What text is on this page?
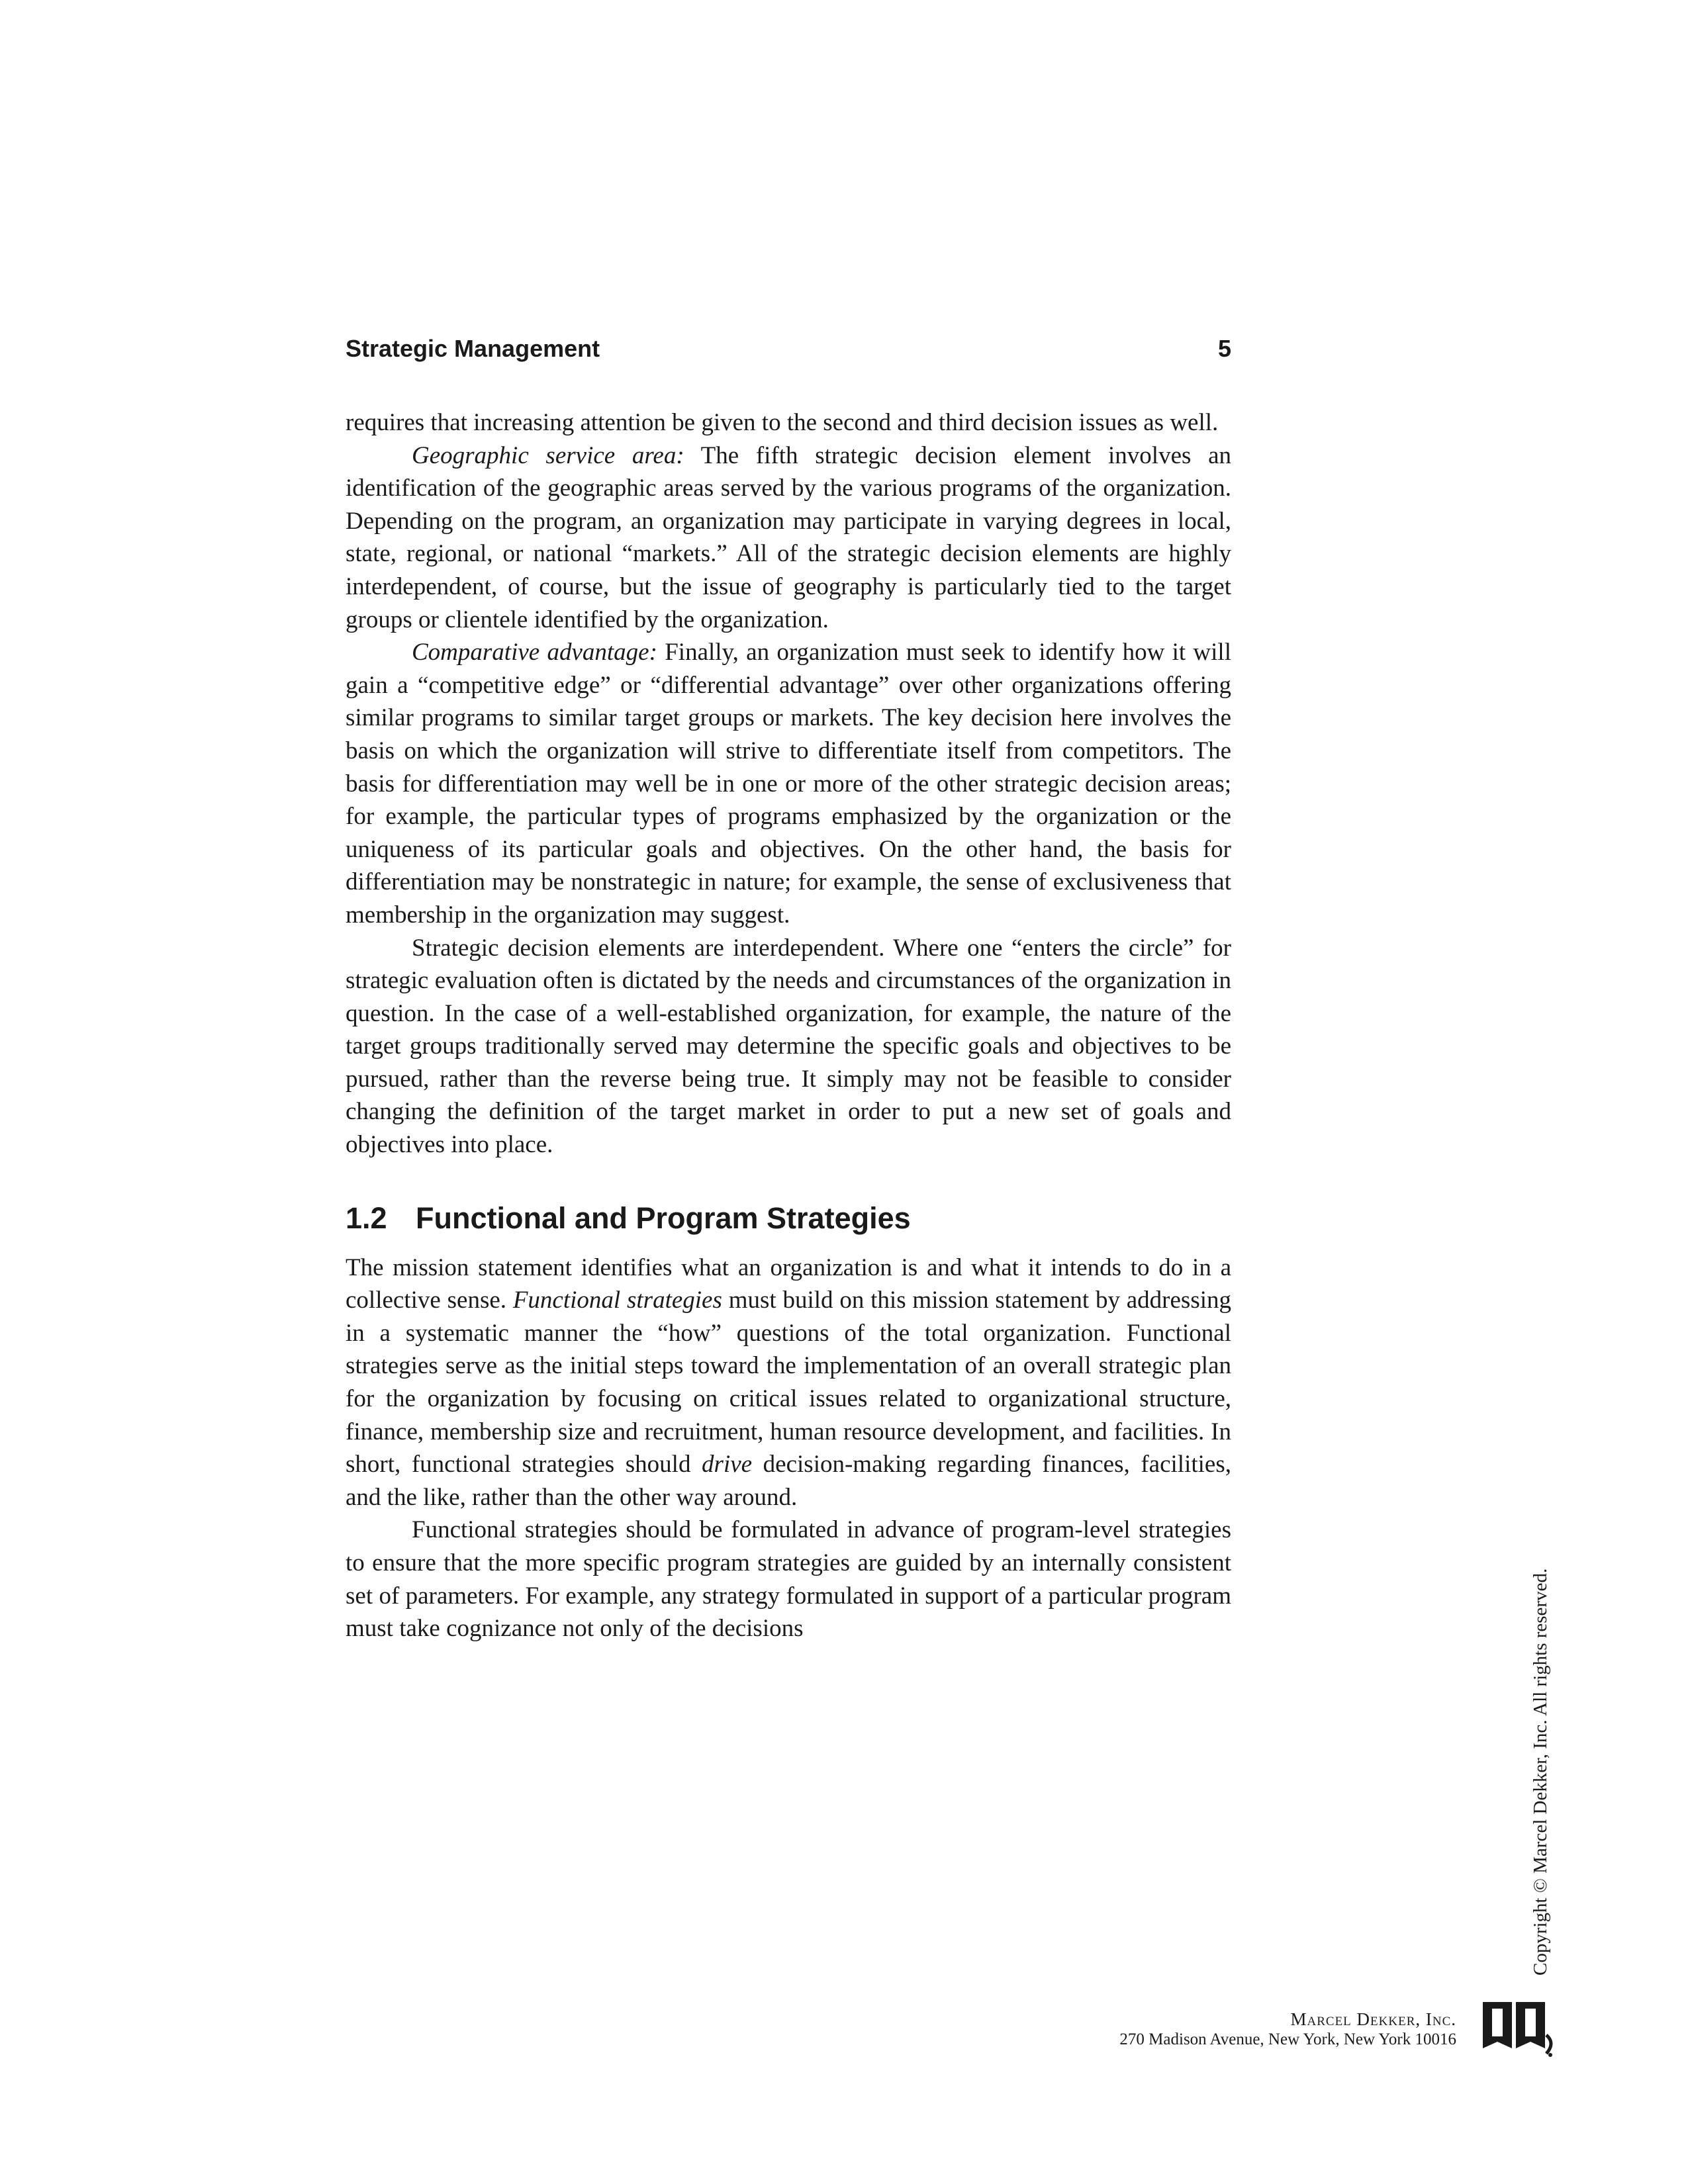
Strategic Management	5

requires that increasing attention be given to the second and third decision issues as well.

Geographic service area: The fifth strategic decision element involves an identification of the geographic areas served by the various programs of the organization. Depending on the program, an organization may participate in varying degrees in local, state, regional, or national “markets.” All of the strategic decision elements are highly interdependent, of course, but the issue of geography is particularly tied to the target groups or clientele identified by the organization.

Comparative advantage: Finally, an organization must seek to identify how it will gain a “competitive edge” or “differential advantage” over other organizations offering similar programs to similar target groups or markets. The key decision here involves the basis on which the organization will strive to differentiate itself from competitors. The basis for differentiation may well be in one or more of the other strategic decision areas; for example, the particular types of programs emphasized by the organization or the uniqueness of its particular goals and objectives. On the other hand, the basis for differentiation may be nonstrategic in nature; for example, the sense of exclusiveness that membership in the organization may suggest.

Strategic decision elements are interdependent. Where one “enters the circle” for strategic evaluation often is dictated by the needs and circumstances of the organization in question. In the case of a well-established organization, for example, the nature of the target groups traditionally served may determine the specific goals and objectives to be pursued, rather than the reverse being true. It simply may not be feasible to consider changing the definition of the target market in order to put a new set of goals and objectives into place.

1.2 Functional and Program Strategies

The mission statement identifies what an organization is and what it intends to do in a collective sense. Functional strategies must build on this mission statement by addressing in a systematic manner the “how” questions of the total organization. Functional strategies serve as the initial steps toward the implementation of an overall strategic plan for the organization by focusing on critical issues related to organizational structure, finance, membership size and recruitment, human resource development, and facilities. In short, functional strategies should drive decision-making regarding finances, facilities, and the like, rather than the other way around.

Functional strategies should be formulated in advance of program-level strategies to ensure that the more specific program strategies are guided by an internally consistent set of parameters. For example, any strategy formulated in support of a particular program must take cognizance not only of the decisions	Copyright © Marcel Dekker, Inc. All rights reserved.
Marcel Dekker, Inc.
270 Madison Avenue, New York, New York 10016
